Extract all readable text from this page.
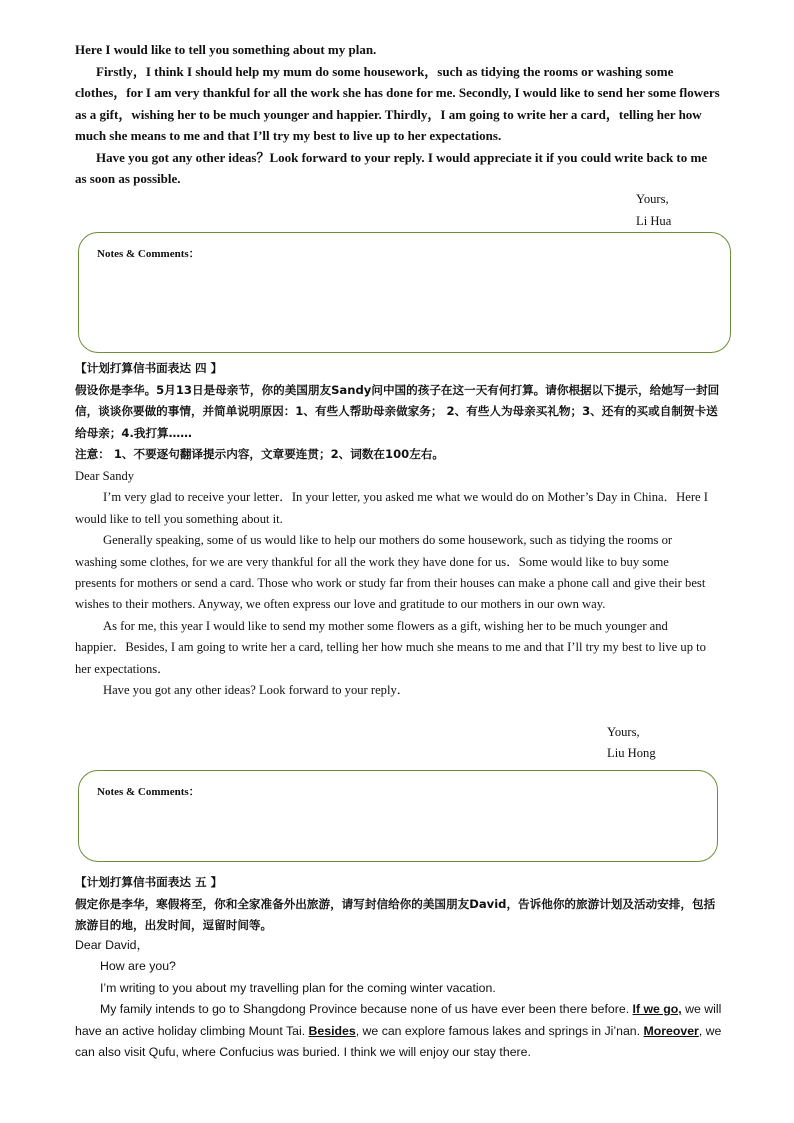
Here I would like to tell you something about my plan.

Firstly，I think I should help my mum do some housework，such as tidying the rooms or washing some clothes，for I am very thankful for all the work she has done for me. Secondly, I would like to send her some flowers as a gift，wishing her to be much younger and happier. Thirdly，I am going to write her a card，telling her how much she means to me and that I’ll try my best to live up to her expectations.

Have you got any other ideas？Look forward to your reply. I would appreciate it if you could write back to me as soon as possible.

Yours,
Li Hua
Notes & Comments：

【计划打算信书面表达 四 】

假设你是李华。5月13日是母亲节，你的美国朋友Sandy问中国的孩子在这一天有何打算。请你根据以下提示，给她写一封回信，谈谈你要做的事情，并简单说明原因：1、有些人帮助母亲做家务； 2、有些人为母亲买礼物；3、还有的买或自制贺卡送给母亲；4.我打算……

注意： 1、不要逐句翻译提示内容，文章要连贯；2、词数在100左右。

Dear Sandy

I’m very glad to receive your letter．In your letter, you asked me what we would do on Mother’s Day in China．Here I would like to tell you something about it.

Generally speaking, some of us would like to help our mothers do some housework, such as tidying the rooms or washing some clothes, for we are very thankful for all the work they have done for us．Some would like to buy some presents for mothers or send a card. Those who work or study far from their houses can make a phone call and give their best wishes to their mothers. Anyway, we often express our love and gratitude to our mothers in our own way.

As for me, this year I would like to send my mother some flowers as a gift, wishing her to be much younger and happier．Besides, I am going to write her a card, telling her how much she means to me and that I’ll try my best to live up to her expectations．

Have you got any other ideas? Look forward to your reply．

Yours,
Liu Hong
Notes & Comments：

【计划打算信书面表达 五 】

假定你是李华，寒假将至，你和全家准备外出旅游，请写封信给你的美国朋友David，告诉他你的旅游计划及活动安排，包括旅游目的地，出发时间，逗留时间等。

Dear David，

How are you?

I’m writing to you about my travelling plan for the coming winter vacation.

My family intends to go to Shangdong Province because none of us have ever been there before. If we go, we will have an active holiday climbing Mount Tai. Besides, we can explore famous lakes and springs in Ji’nan. Moreover, we can also visit Qufu, where Confucius was buried. I think we will enjoy our stay there.
